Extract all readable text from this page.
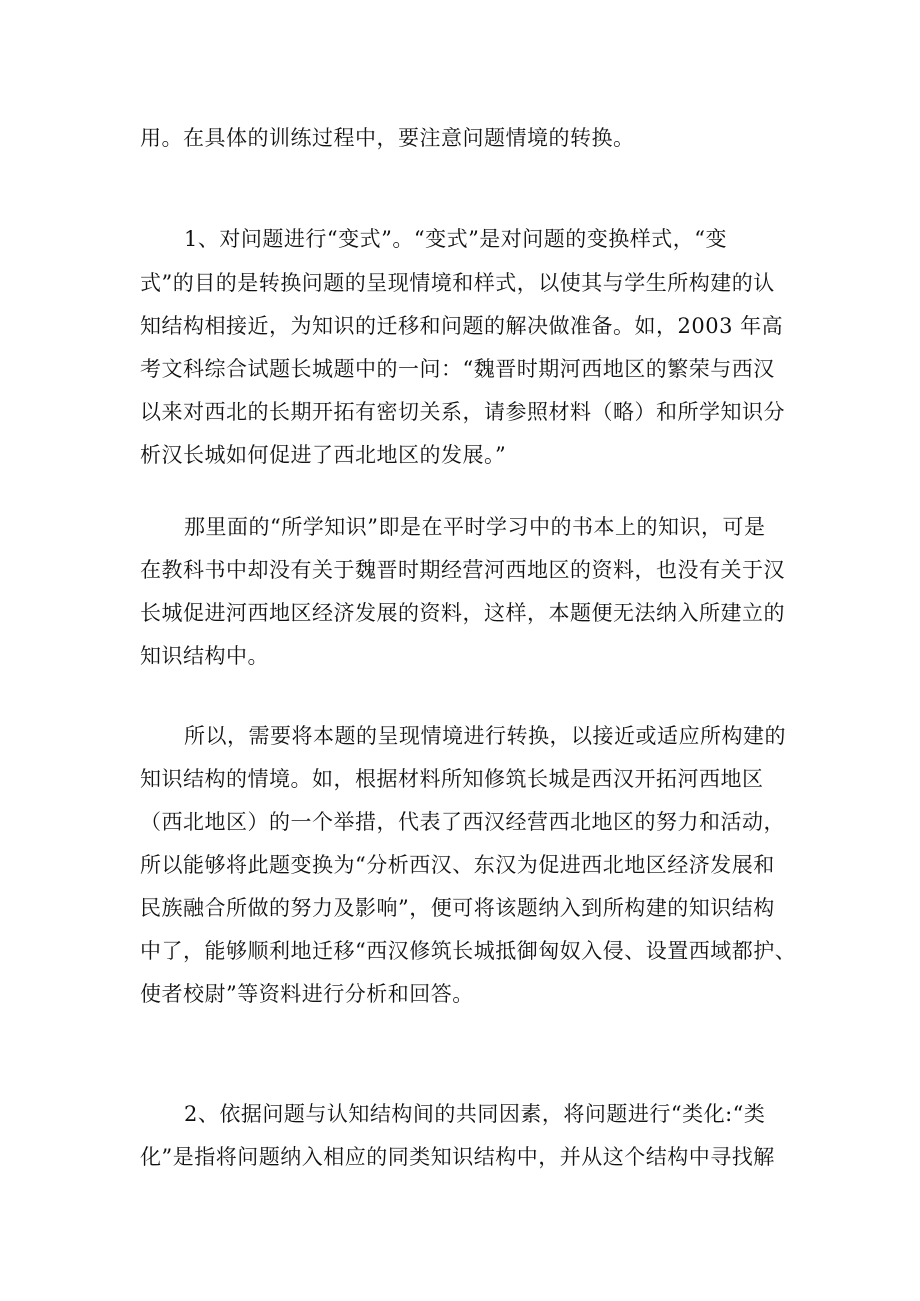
用。在具体的训练过程中，要注意问题情境的转换。
1、对问题进行“变式”。“变式”是对问题的变换样式，“变
式”的目的是转换问题的呈现情境和样式，以使其与学生所构建的认
知结构相接近，为知识的迁移和问题的解决做准备。如，2003 年高
考文科综合试题长城题中的一问：“魏晋时期河西地区的繁荣与西汉
以来对西北的长期开拓有密切关系，请参照材料（略）和所学知识分
析汉长城如何促进了西北地区的发展。”
那里面的“所学知识”即是在平时学习中的书本上的知识，可是
在教科书中却没有关于魏晋时期经营河西地区的资料，也没有关于汉
长城促进河西地区经济发展的资料，这样，本题便无法纳入所建立的
知识结构中。
所以，需要将本题的呈现情境进行转换，以接近或适应所构建的
知识结构的情境。如，根据材料所知修筑长城是西汉开拓河西地区
（西北地区）的一个举措，代表了西汉经营西北地区的努力和活动，
所以能够将此题变换为“分析西汉、东汉为促进西北地区经济发展和
民族融合所做的努力及影响”，便可将该题纳入到所构建的知识结构
中了，能够顺利地迁移“西汉修筑长城抵御匈奴入侵、设置西域都护、
使者校尉”等资料进行分析和回答。
2、依据问题与认知结构间的共同因素，将问题进行“类化:“类
化”是指将问题纳入相应的同类知识结构中，并从这个结构中寻找解
